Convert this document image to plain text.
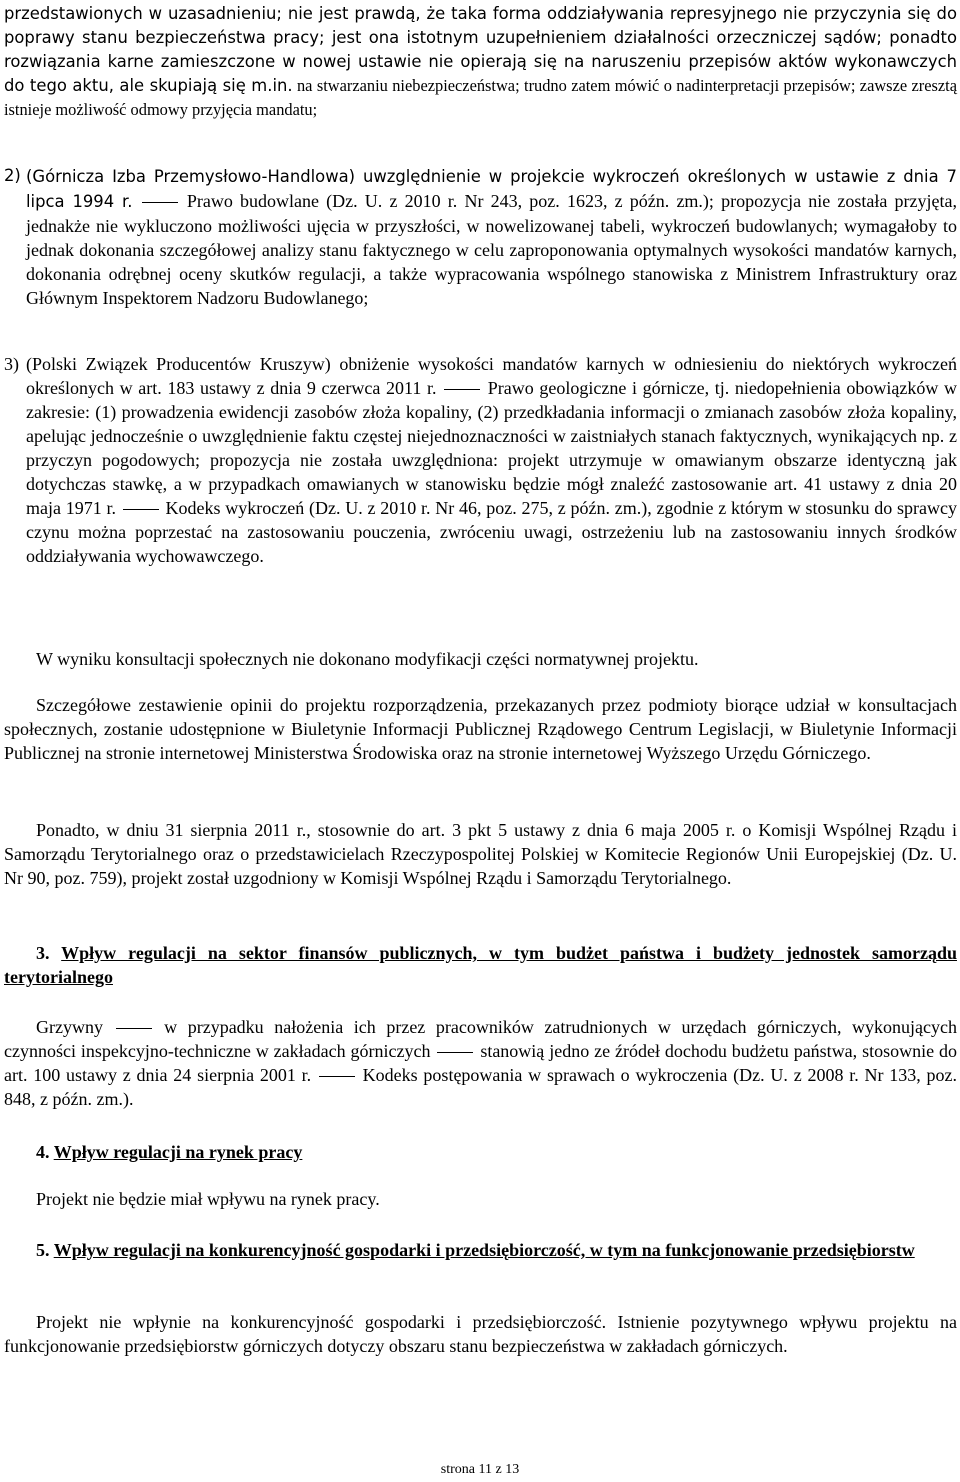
przedstawionych w uzasadnieniu; nie jest prawdą, że taka forma oddziaływania represyjnego nie przyczynia się do poprawy stanu bezpieczeństwa pracy; jest ona istotnym uzupełnieniem działalności orzeczniczej sądów; ponadto rozwiązania karne zamieszczone w nowej ustawie nie opierają się na naruszeniu przepisów aktów wykonawczych do tego aktu, ale skupiają się m.in. na stwarzaniu niebezpieczeństwa; trudno zatem mówić o nadinterpretacji przepisów; zawsze zresztą istnieje możliwość odmowy przyjęcia mandatu;

2) (Górnicza Izba Przemysłowo-Handlowa) uwzględnienie w projekcie wykroczeń określonych w ustawie z dnia 7 lipca 1994 r.	Prawo budowlane (Dz. U. z 2010 r. Nr 243, poz. 1623, z późn. zm.); propozycja nie została przyjęta, jednakże nie wykluczono możliwości ujęcia w przyszłości, w nowelizowanej tabeli, wykroczeń budowlanych; wymagałoby to jednak dokonania szczegółowej analizy stanu faktycznego w celu zaproponowania optymalnych wysokości mandatów karnych, dokonania odrębnej oceny skutków regulacji, a także wypracowania wspólnego stanowiska z Ministrem Infrastruktury oraz Głównym Inspektorem Nadzoru Budowlanego;

3) (Polski Związek Producentów Kruszyw) obniżenie wysokości mandatów karnych w odniesieniu do niektórych wykroczeń określonych w art. 183 ustawy z dnia 9 czerwca 2011 r.	Prawo geologiczne i górnicze, tj. niedopełnienia obowiązków w zakresie: (1) prowadzenia ewidencji zasobów złoża kopaliny, (2) przedkładania informacji o zmianach zasobów złoża kopaliny, apelując jednocześnie o uwzględnienie faktu częstej niejednoznaczności w zaistniałych stanach faktycznych, wynikających np. z przyczyn pogodowych; propozycja nie została uwzględniona: projekt utrzymuje w omawianym obszarze identyczną jak dotychczas stawkę, a w przypadkach omawianych w stanowisku będzie mógł znaleźć zastosowanie art. 41 ustawy z dnia 20 maja 1971 r.	Kodeks wykroczeń (Dz. U. z 2010 r. Nr 46, poz. 275, z późn. zm.), zgodnie z którym w stosunku do sprawcy czynu można poprzestać na zastosowaniu pouczenia, zwróceniu uwagi, ostrzeżeniu lub na zastosowaniu innych środków oddziaływania wychowawczego.

W wyniku konsultacji społecznych nie dokonano modyfikacji części normatywnej projektu.

Szczegółowe zestawienie opinii do projektu rozporządzenia, przekazanych przez podmioty biorące udział w konsultacjach społecznych, zostanie udostępnione w Biuletynie Informacji Publicznej Rządowego Centrum Legislacji, w Biuletynie Informacji Publicznej na stronie internetowej Ministerstwa Środowiska oraz na stronie internetowej Wyższego Urzędu Górniczego.

Ponadto, w dniu 31 sierpnia 2011 r., stosownie do art. 3 pkt 5 ustawy z dnia 6 maja 2005 r. o Komisji Wspólnej Rządu i Samorządu Terytorialnego oraz o przedstawicielach Rzeczypospolitej Polskiej w Komitecie Regionów Unii Europejskiej (Dz. U. Nr 90, poz. 759), projekt został uzgodniony w Komisji Wspólnej Rządu i Samorządu Terytorialnego.

3. Wpływ regulacji na sektor finansów publicznych, w tym budżet państwa i budżety jednostek samorządu terytorialnego

Grzywny	w przypadku nałożenia ich przez pracowników zatrudnionych w urzędach górniczych, wykonujących czynności inspekcyjno-techniczne w zakładach górniczych	stanowią jedno ze źródeł dochodu budżetu państwa, stosownie do art. 100 ustawy z dnia 24 sierpnia 2001 r.	Kodeks postępowania w sprawach o wykroczenia (Dz. U. z 2008 r. Nr 133, poz. 848, z późn. zm.).

4. Wpływ regulacji na rynek pracy

Projekt nie będzie miał wpływu na rynek pracy.

5. Wpływ regulacji na konkurencyjność gospodarki i przedsiębiorczość, w tym na funkcjonowanie przedsiębiorstw

Projekt nie wpłynie na konkurencyjność gospodarki i przedsiębiorczość. Istnienie pozytywnego wpływu projektu na funkcjonowanie przedsiębiorstw górniczych dotyczy obszaru stanu bezpieczeństwa w zakładach górniczych.

strona 11 z 13
